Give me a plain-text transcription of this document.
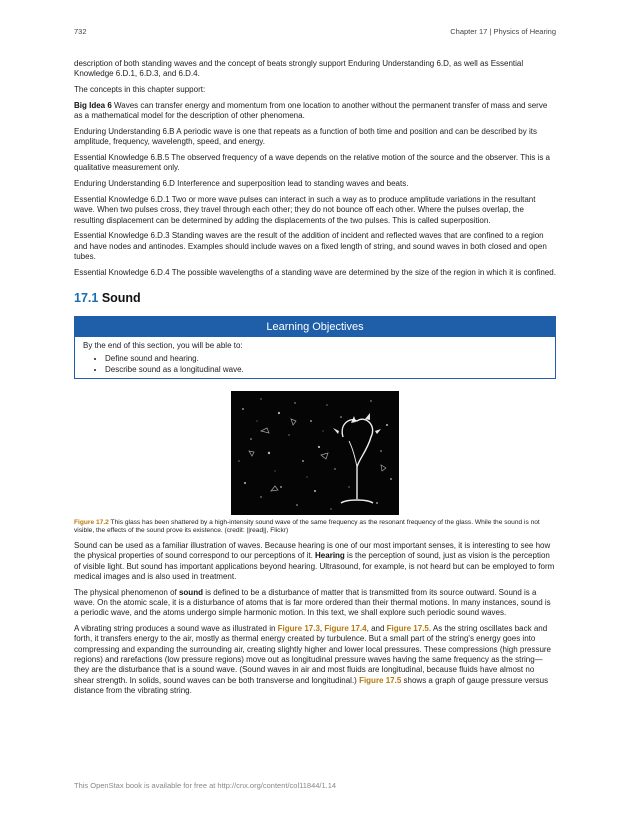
732	Chapter 17 | Physics of Hearing

description of both standing waves and the concept of beats strongly support Enduring Understanding 6.D, as well as Essential Knowledge 6.D.1, 6.D.3, and 6.D.4.

The concepts in this chapter support:

Big Idea 6 Waves can transfer energy and momentum from one location to another without the permanent transfer of mass and serve as a mathematical model for the description of other phenomena.

Enduring Understanding 6.B A periodic wave is one that repeats as a function of both time and position and can be described by its amplitude, frequency, wavelength, speed, and energy.

Essential Knowledge 6.B.5 The observed frequency of a wave depends on the relative motion of the source and the observer. This is a qualitative measurement only.

Enduring Understanding 6.D Interference and superposition lead to standing waves and beats.

Essential Knowledge 6.D.1 Two or more wave pulses can interact in such a way as to produce amplitude variations in the resultant wave. When two pulses cross, they travel through each other; they do not bounce off each other. Where the pulses overlap, the resulting displacement can be determined by adding the displacements of the two pulses. This is called superposition.

Essential Knowledge 6.D.3 Standing waves are the result of the addition of incident and reflected waves that are confined to a region and have nodes and antinodes. Examples should include waves on a fixed length of string, and sound waves in both closed and open tubes.

Essential Knowledge 6.D.4 The possible wavelengths of a standing wave are determined by the size of the region in which it is confined.

17.1 Sound
Learning Objectives
By the end of this section, you will be able to:
• Define sound and hearing.
• Describe sound as a longitudinal wave.

Figure 17.2 This glass has been shattered by a high-intensity sound wave of the same frequency as the resonant frequency of the glass. While the sound is not visible, the effects of the sound prove its existence. (credit: ||read||, Flickr)

Sound can be used as a familiar illustration of waves. Because hearing is one of our most important senses, it is interesting to see how the physical properties of sound correspond to our perceptions of it. Hearing is the perception of sound, just as vision is the perception of visible light. But sound has important applications beyond hearing. Ultrasound, for example, is not heard but can be employed to form medical images and is also used in treatment.

The physical phenomenon of sound is defined to be a disturbance of matter that is transmitted from its source outward. Sound is a wave. On the atomic scale, it is a disturbance of atoms that is far more ordered than their thermal motions. In many instances, sound is a periodic wave, and the atoms undergo simple harmonic motion. In this text, we shall explore such periodic sound waves.

A vibrating string produces a sound wave as illustrated in Figure 17.3, Figure 17.4, and Figure 17.5. As the string oscillates back and forth, it transfers energy to the air, mostly as thermal energy created by turbulence. But a small part of the string's energy goes into compressing and expanding the surrounding air, creating slightly higher and lower local pressures. These compressions (high pressure regions) and rarefactions (low pressure regions) move out as longitudinal pressure waves having the same frequency as the string—they are the disturbance that is a sound wave. (Sound waves in air and most fluids are longitudinal, because fluids have almost no shear strength. In solids, sound waves can be both transverse and longitudinal.) Figure 17.5 shows a graph of gauge pressure versus distance from the vibrating string.

This OpenStax book is available for free at http://cnx.org/content/col11844/1.14
